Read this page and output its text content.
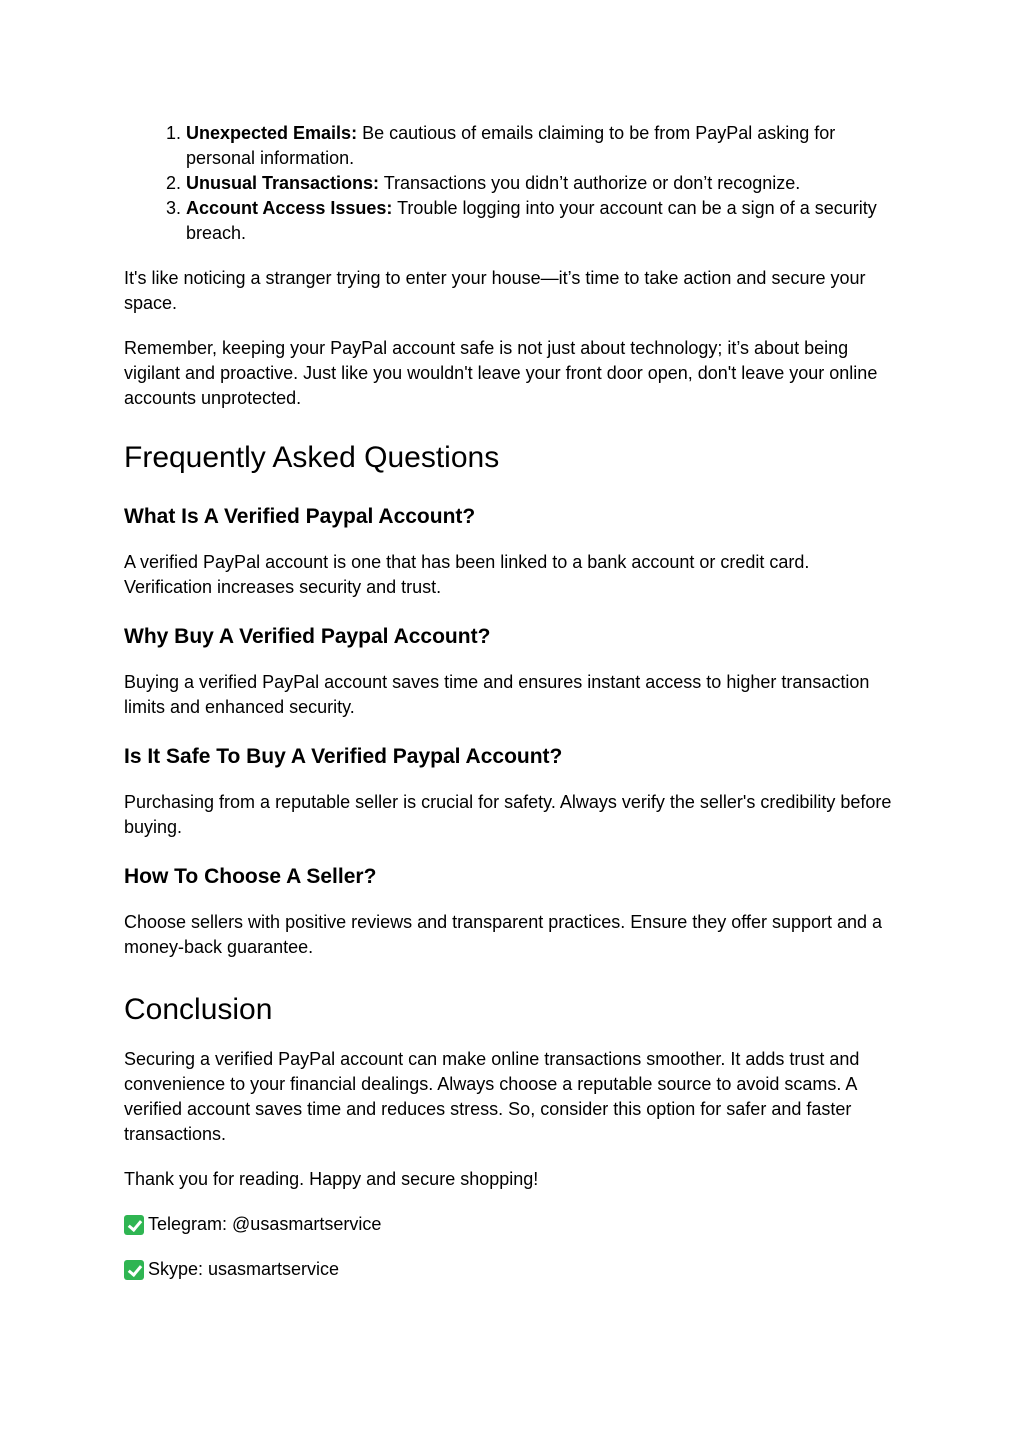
1. Unexpected Emails: Be cautious of emails claiming to be from PayPal asking for personal information.
2. Unusual Transactions: Transactions you didn’t authorize or don’t recognize.
3. Account Access Issues: Trouble logging into your account can be a sign of a security breach.

It's like noticing a stranger trying to enter your house—it’s time to take action and secure your space.

Remember, keeping your PayPal account safe is not just about technology; it’s about being vigilant and proactive. Just like you wouldn't leave your front door open, don't leave your online accounts unprotected.

Frequently Asked Questions
What Is A Verified Paypal Account?

A verified PayPal account is one that has been linked to a bank account or credit card. Verification increases security and trust.

Why Buy A Verified Paypal Account?

Buying a verified PayPal account saves time and ensures instant access to higher transaction limits and enhanced security.

Is It Safe To Buy A Verified Paypal Account?

Purchasing from a reputable seller is crucial for safety. Always verify the seller's credibility before buying.

How To Choose A Seller?

Choose sellers with positive reviews and transparent practices. Ensure they offer support and a money-back guarantee.

Conclusion

Securing a verified PayPal account can make online transactions smoother. It adds trust and convenience to your financial dealings. Always choose a reputable source to avoid scams. A verified account saves time and reduces stress. So, consider this option for safer and faster transactions.

Thank you for reading. Happy and secure shopping!

Telegram: @usasmartservice
Skype: usasmartservice
